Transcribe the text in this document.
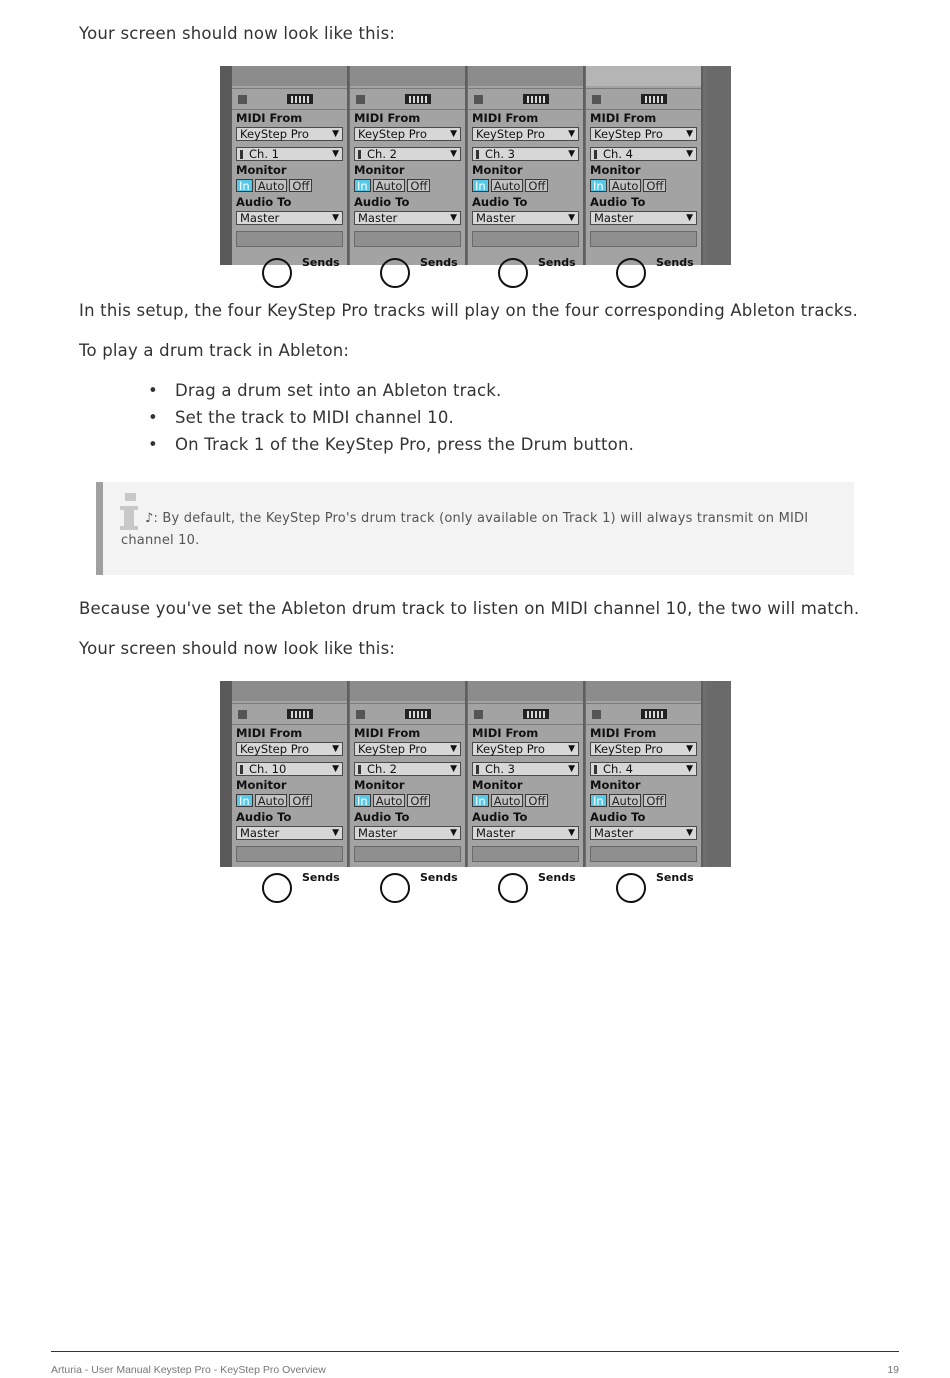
Your screen should now look like this:
MIDI From
KeyStep Pro	▼
Ch. 1	▼
Monitor
In Auto Off
Audio To
Master	▼
Sends
MIDI From
KeyStep Pro	▼
Ch. 2	▼
Monitor
In Auto Off
Audio To
Master	▼
Sends
MIDI From
KeyStep Pro	▼
Ch. 3	▼
Monitor
In Auto Off
Audio To
Master	▼
Sends
MIDI From
KeyStep Pro	▼
Ch. 4	▼
Monitor
In Auto Off
Audio To
Master	▼
Sends
In this setup, the four KeyStep Pro tracks will play on the four corresponding Ableton tracks.
To play a drum track in Ableton:
• Drag a drum set into an Ableton track.
• Set the track to MIDI channel 10.
• On Track 1 of the KeyStep Pro, press the Drum button.
♪: By default, the KeyStep Pro's drum track (only available on Track 1) will always transmit on MIDI channel 10.
Because you've set the Ableton drum track to listen on MIDI channel 10, the two will match.
Your screen should now look like this:
MIDI From
KeyStep Pro	▼
Ch. 10	▼
Monitor
In Auto Off
Audio To
Master	▼
Sends
MIDI From
KeyStep Pro	▼
Ch. 2	▼
Monitor
In Auto Off
Audio To
Master	▼
Sends
MIDI From
KeyStep Pro	▼
Ch. 3	▼
Monitor
In Auto Off
Audio To
Master	▼
Sends
MIDI From
KeyStep Pro	▼
Ch. 4	▼
Monitor
In Auto Off
Audio To
Master	▼
Sends
Arturia - User Manual Keystep Pro - KeyStep Pro Overview	19
